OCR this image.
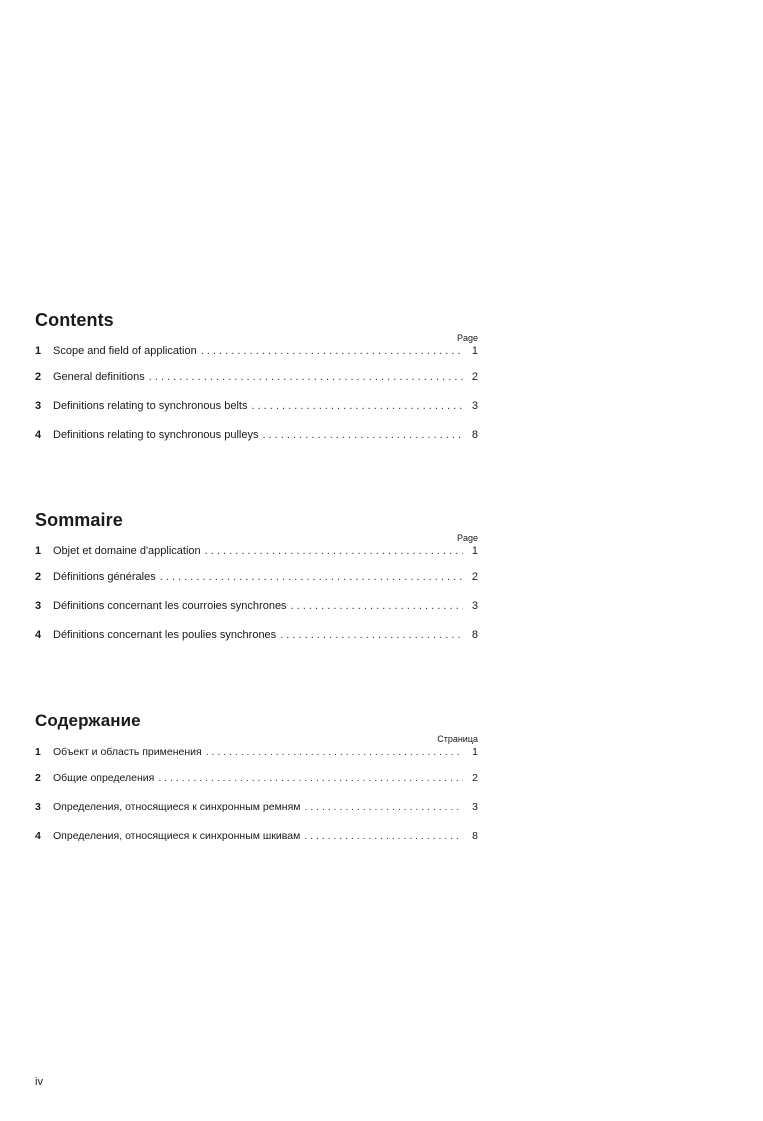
Contents
Page
1	Scope and field of application . . .	1
2	General definitions . . .	2
3	Definitions relating to synchronous belts . . .	3
4	Definitions relating to synchronous pulleys . . .	8
Sommaire
Page
1	Objet et domaine d'application . . .	1
2	Définitions générales . . .	2
3	Définitions concernant les courroies synchrones . . .	3
4	Définitions concernant les poulies synchrones . . .	8
Содержание
Страница
1	Объект и область применения . . .	1
2	Общие определения . . .	2
3	Определения, относящиеся к синхронным ремням . . .	3
4	Определения, относящиеся к синхронным шкивам . . .	8
iv
